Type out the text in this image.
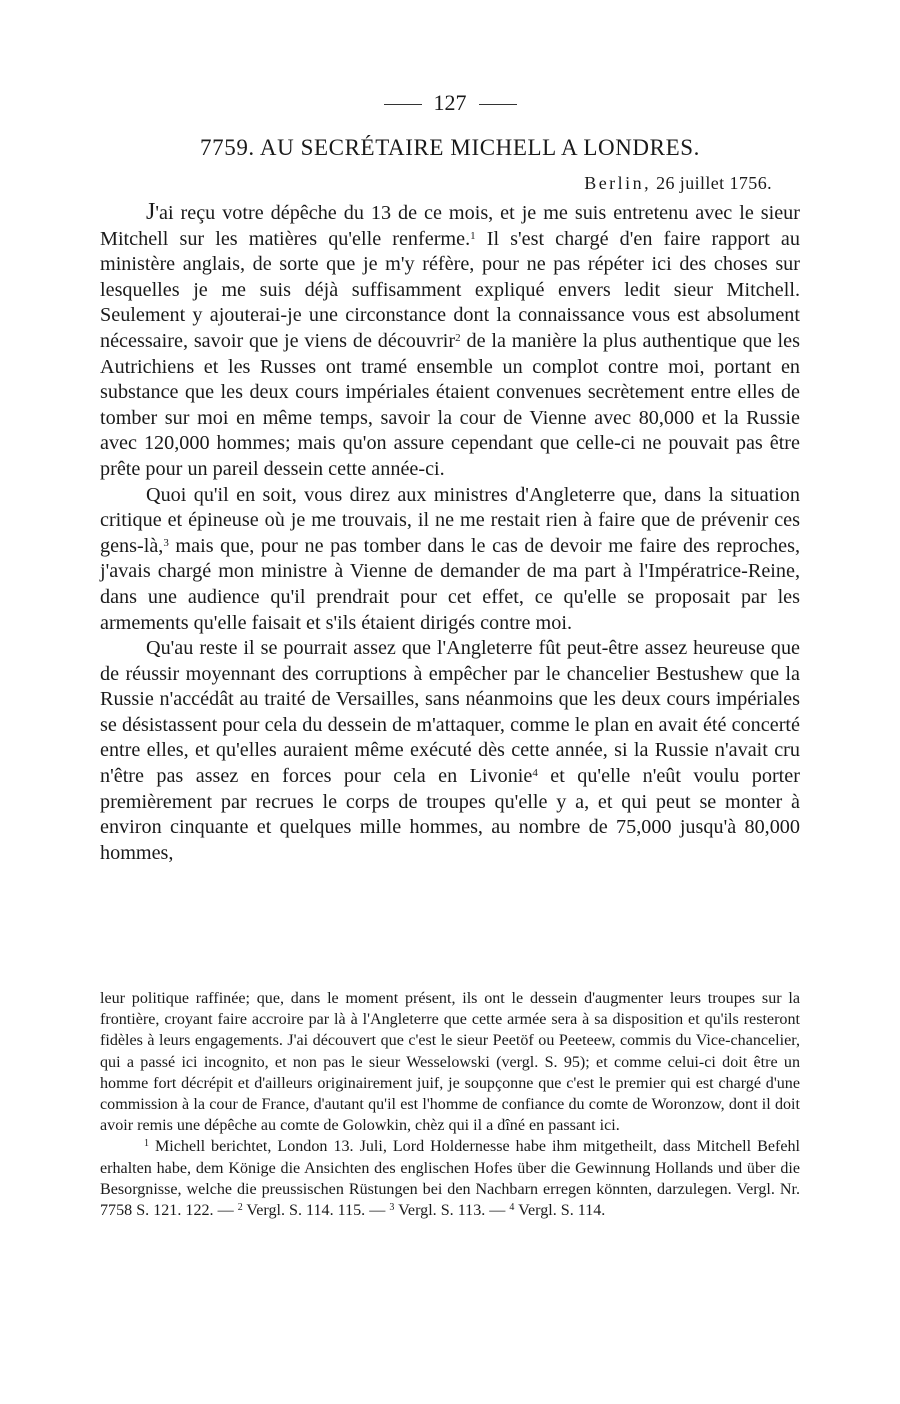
127
7759. AU SECRÉTAIRE MICHELL A LONDRES.
Berlin, 26 juillet 1756.

J'ai reçu votre dépêche du 13 de ce mois, et je me suis entretenu avec le sieur Mitchell sur les matières qu'elle renferme.$^1$ Il s'est chargé d'en faire rapport au ministère anglais, de sorte que je m'y réfère, pour ne pas répéter ici des choses sur lesquelles je me suis déjà suffisamment expliqué envers ledit sieur Mitchell. Seulement y ajouterai-je une circonstance dont la connaissance vous est absolument nécessaire, savoir que je viens de découvrir$^2$ de la manière la plus authentique que les Autrichiens et les Russes ont tramé ensemble un complot contre moi, portant en substance que les deux cours impériales étaient convenues secrètement entre elles de tomber sur moi en même temps, savoir la cour de Vienne avec 80,000 et la Russie avec 120,000 hommes; mais qu'on assure cependant que celle-ci ne pouvait pas être prête pour un pareil dessein cette année-ci.

Quoi qu'il en soit, vous direz aux ministres d'Angleterre que, dans la situation critique et épineuse où je me trouvais, il ne me restait rien à faire que de prévenir ces gens-là,$^3$ mais que, pour ne pas tomber dans le cas de devoir me faire des reproches, j'avais chargé mon ministre à Vienne de demander de ma part à l'Impératrice-Reine, dans une audience qu'il prendrait pour cet effet, ce qu'elle se proposait par les armements qu'elle faisait et s'ils étaient dirigés contre moi.

Qu'au reste il se pourrait assez que l'Angleterre fût peut-être assez heureuse que de réussir moyennant des corruptions à empêcher par le chancelier Bestushew que la Russie n'accédât au traité de Versailles, sans néanmoins que les deux cours impériales se désistassent pour cela du dessein de m'attaquer, comme le plan en avait été concerté entre elles, et qu'elles auraient même exécuté dès cette année, si la Russie n'avait cru n'être pas assez en forces pour cela en Livonie$^4$ et qu'elle n'eût voulu porter premièrement par recrues le corps de troupes qu'elle y a, et qui peut se monter à environ cinquante et quelques mille hommes, au nombre de 75,000 jusqu'à 80,000 hommes,

leur politique raffinée; que, dans le moment présent, ils ont le dessein d'augmenter leurs troupes sur la frontière, croyant faire accroire par là à l'Angleterre que cette armée sera à sa disposition et qu'ils resteront fidèles à leurs engagements. J'ai découvert que c'est le sieur Peetöf ou Peeteew, commis du Vice-chancelier, qui a passé ici incognito, et non pas le sieur Wesselowski (vergl. S. 95); et comme celui-ci doit être un homme fort décrépit et d'ailleurs originairement juif, je soupçonne que c'est le premier qui est chargé d'une commission à la cour de France, d'autant qu'il est l'homme de confiance du comte de Woronzow, dont il doit avoir remis une dépêche au comte de Golowkin, chèz qui il a dîné en passant ici.

$^1$ Michell berichtet, London 13. Juli, Lord Holdernesse habe ihm mitgetheilt, dass Mitchell Befehl erhalten habe, dem Könige die Ansichten des englischen Hofes über die Gewinnung Hollands und über die Besorgnisse, welche die preussischen Rüstungen bei den Nachbarn erregen könnten, darzulegen. Vergl. Nr. 7758 S. 121. 122. — $^2$ Vergl. S. 114. 115. — $^3$ Vergl. S. 113. — $^4$ Vergl. S. 114.
